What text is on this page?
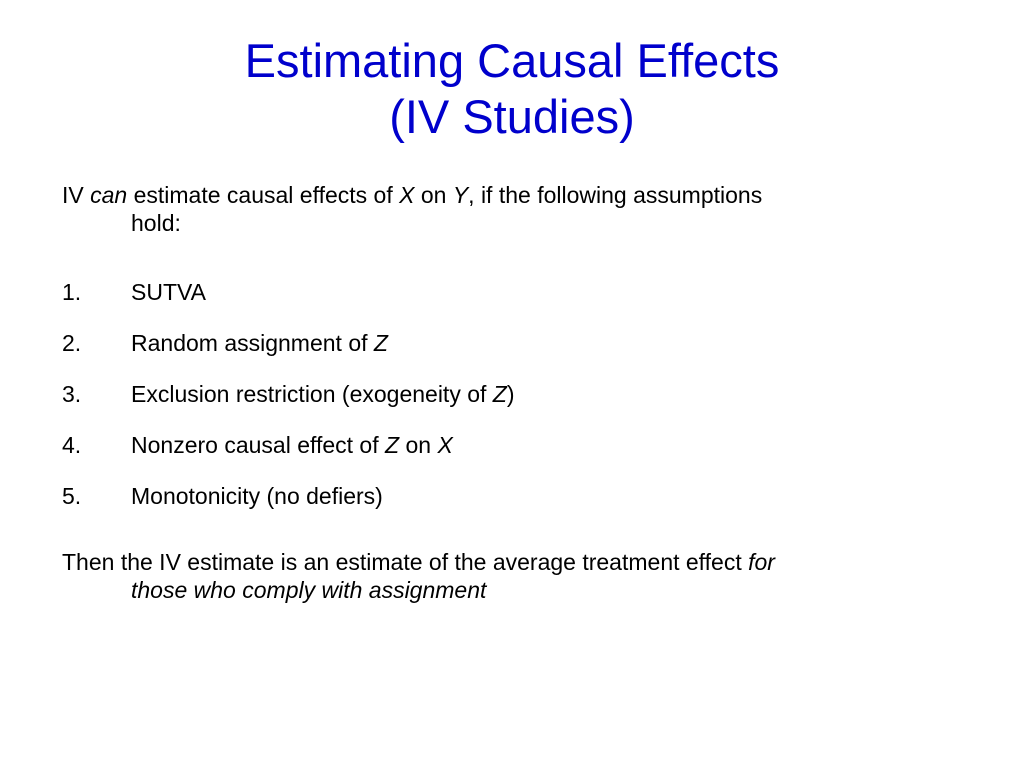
Estimating Causal Effects
(IV Studies)
IV can estimate causal effects of X on Y, if the following assumptions
hold:
1. SUTVA
2. Random assignment of Z
3. Exclusion restriction (exogeneity of Z)
4. Nonzero causal effect of Z on X
5. Monotonicity (no defiers)
Then the IV estimate is an estimate of the average treatment effect for
those who comply with assignment
